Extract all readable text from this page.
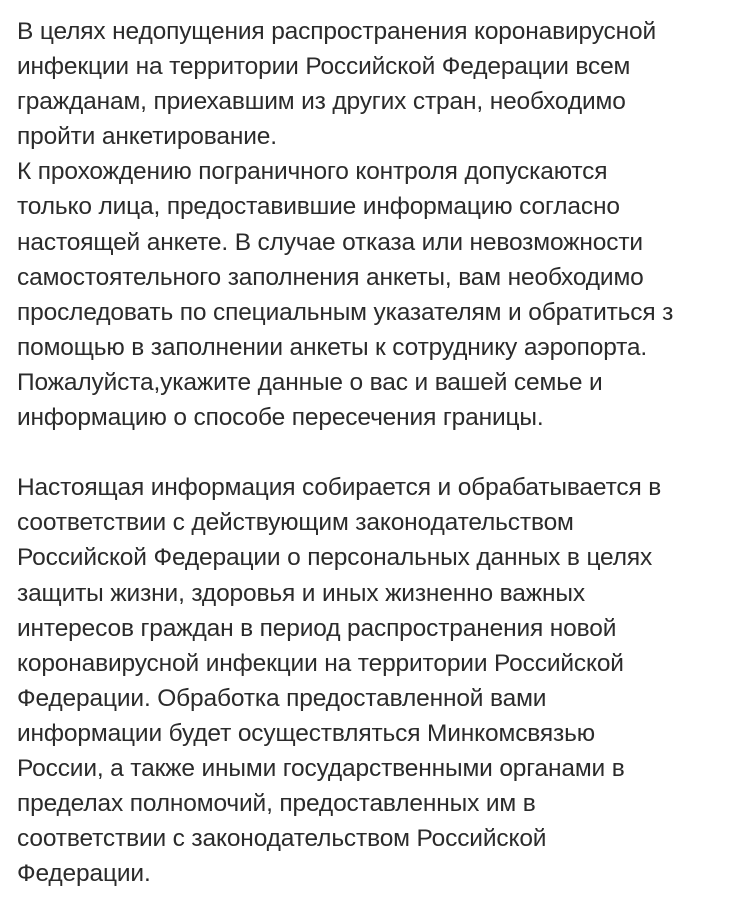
В целях недопущения распространения коронавирусной
инфекции на территории Российской Федерации всем
гражданам, приехавшим из других стран, необходимо
пройти анкетирование.
К прохождению пограничного контроля допускаются
только лица, предоставившие информацию согласно
настоящей анкете. В случае отказа или невозможности
самостоятельного заполнения анкеты, вам необходимо
проследовать по специальным указателям и обратиться з
помощью в заполнении анкеты к сотруднику аэропорта.
Пожалуйста,укажите данные о вас и вашей семье и
информацию о способе пересечения границы.
Настоящая информация собирается и обрабатывается в
соответствии с действующим законодательством
Российской Федерации о персональных данных в целях
защиты жизни, здоровья и иных жизненно важных
интересов граждан в период распространения новой
коронавирусной инфекции на территории Российской
Федерации. Обработка предоставленной вами
информации будет осуществляться Минкомсвязью
России, а также иными государственными органами в
пределах полномочий, предоставленных им в
соответствии с законодательством Российской
Федерации.
